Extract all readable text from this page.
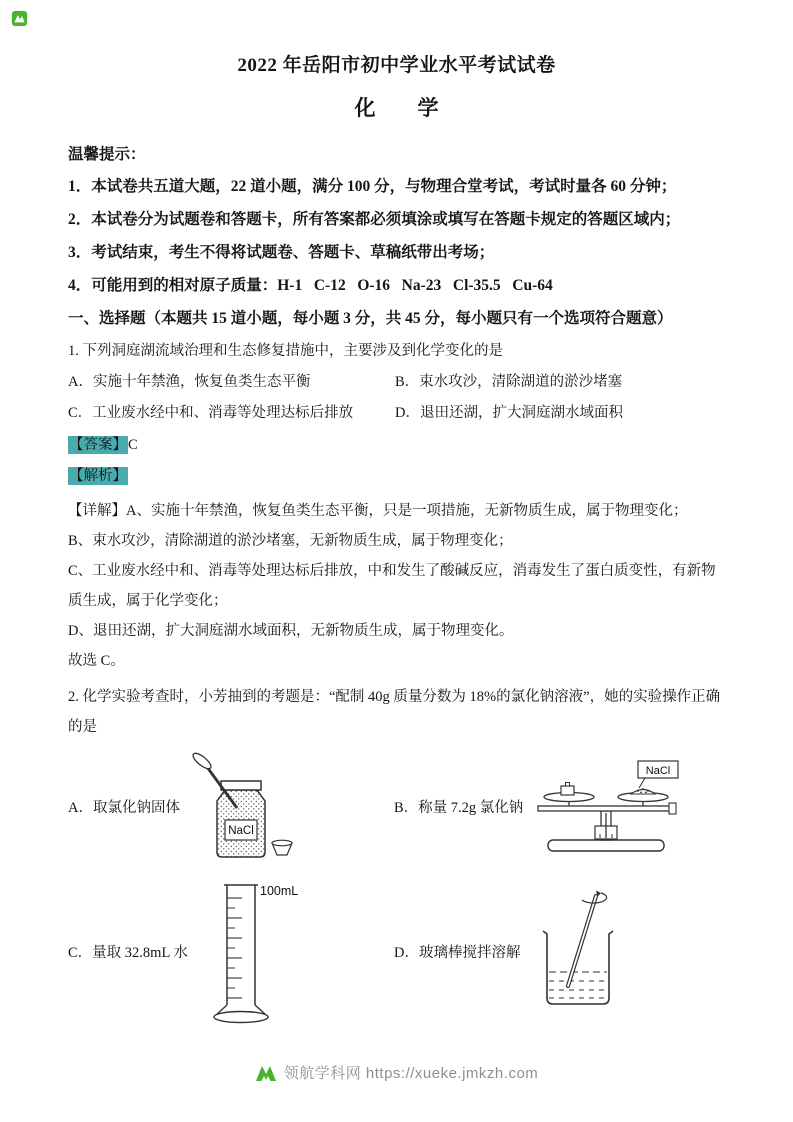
2022 年岳阳市初中学业水平考试试卷
化　　学
温馨提示：
1．本试卷共五道大题，22 道小题，满分 100 分，与物理合堂考试，考试时量各 60 分钟；
2．本试卷分为试题卷和答题卡，所有答案都必须填涂或填写在答题卡规定的答题区域内；
3．考试结束，考生不得将试题卷、答题卡、草稿纸带出考场；
4．可能用到的相对原子质量：H-1   C-12   O-16   Na-23   Cl-35.5   Cu-64
一、选择题（本题共 15 道小题，每小题 3 分，共 45 分，每小题只有一个选项符合题意）
1. 下列洞庭湖流域治理和生态修复措施中，主要涉及到化学变化的是
A．实施十年禁渔，恢复鱼类生态平衡	B．束水攻沙，清除湖道的淤沙堵塞
C．工业废水经中和、消毒等处理达标后排放	D．退田还湖，扩大洞庭湖水域面积
【答案】C
【解析】
【详解】A、实施十年禁渔，恢复鱼类生态平衡，只是一项措施，无新物质生成，属于物理变化；
B、束水攻沙，清除湖道的淤沙堵塞，无新物质生成，属于物理变化；
C、工业废水经中和、消毒等处理达标后排放，中和发生了酸碱反应，消毒发生了蛋白质变性，有新物质生成，属于化学变化；
D、退田还湖，扩大洞庭湖水域面积，无新物质生成，属于物理变化。
故选 C。
2. 化学实验考查时，小芳抽到的考题是：“配制 40g 质量分数为 18%的氯化钠溶液”，她的实验操作正确的是
A．取氯化钠固体
NaCl
B．称量 7.2g 氯化钠
NaCl
C．量取 32.8mL 水
100mL
D．玻璃棒搅拌溶解
领航学科网 https://xueke.jmkzh.com
